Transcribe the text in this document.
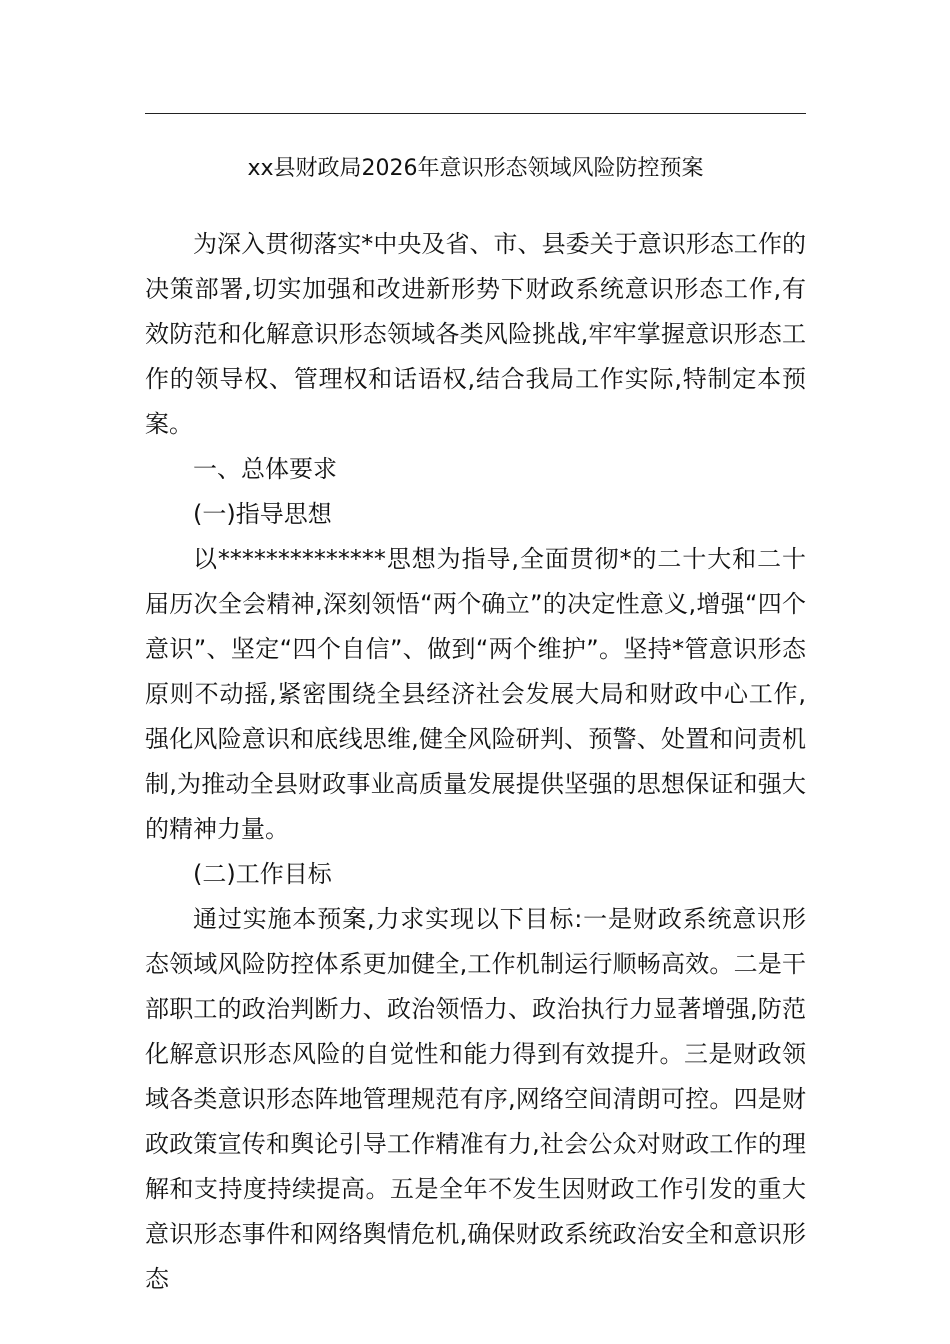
xx县财政局2026年意识形态领域风险防控预案

为深入贯彻落实*中央及省、市、县委关于意识形态工作的决策部署,切实加强和改进新形势下财政系统意识形态工作,有效防范和化解意识形态领域各类风险挑战,牢牢掌握意识形态工作的领导权、管理权和话语权,结合我局工作实际,特制定本预案。

一、总体要求

(一)指导思想

以**************思想为指导,全面贯彻*的二十大和二十届历次全会精神,深刻领悟“两个确立”的决定性意义,增强“四个意识”、坚定“四个自信”、做到“两个维护”。坚持*管意识形态原则不动摇,紧密围绕全县经济社会发展大局和财政中心工作,强化风险意识和底线思维,健全风险研判、预警、处置和问责机制,为推动全县财政事业高质量发展提供坚强的思想保证和强大的精神力量。

(二)工作目标

通过实施本预案,力求实现以下目标:一是财政系统意识形态领域风险防控体系更加健全,工作机制运行顺畅高效。二是干部职工的政治判断力、政治领悟力、政治执行力显著增强,防范化解意识形态风险的自觉性和能力得到有效提升。三是财政领域各类意识形态阵地管理规范有序,网络空间清朗可控。四是财政政策宣传和舆论引导工作精准有力,社会公众对财政工作的理解和支持度持续提高。五是全年不发生因财政工作引发的重大意识形态事件和网络舆情危机,确保财政系统政治安全和意识形态
